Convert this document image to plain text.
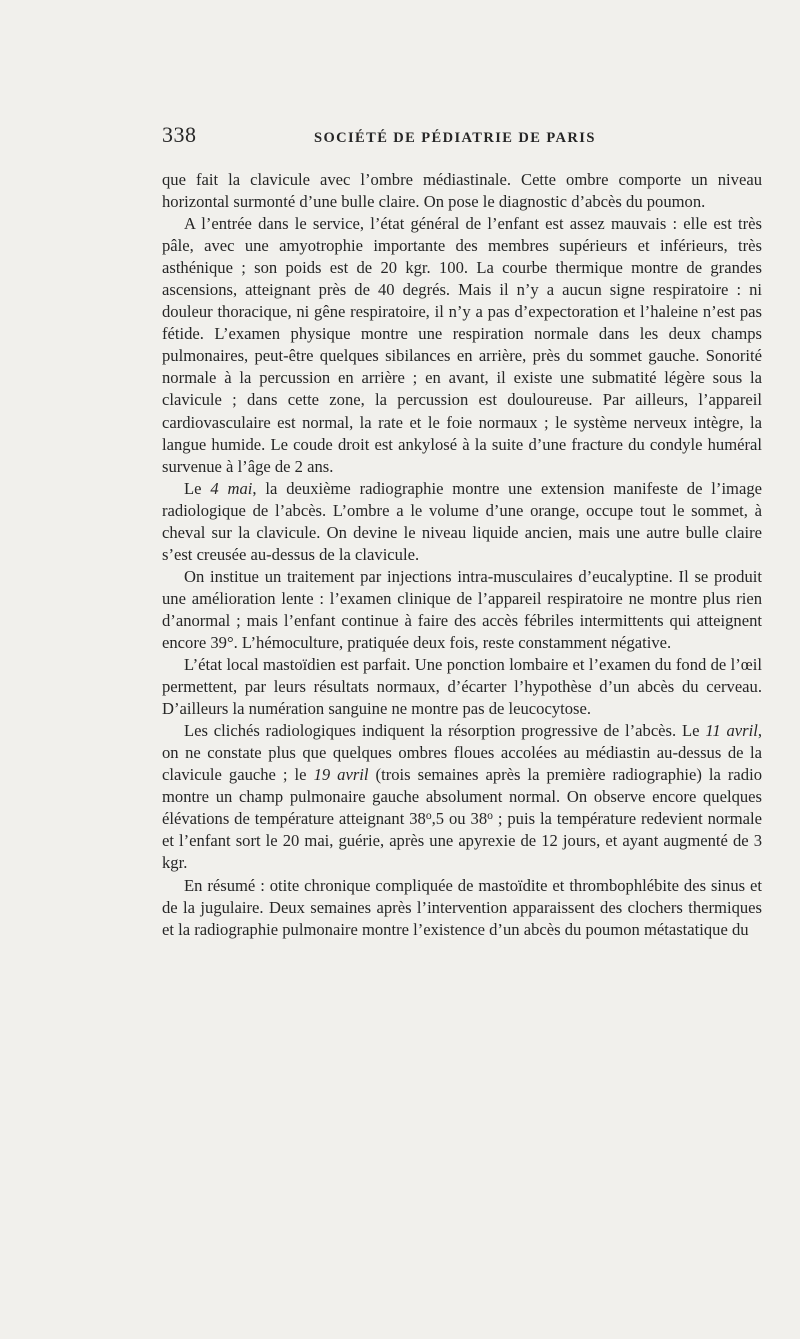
338	SOCIÉTÉ DE PÉDIATRIE DE PARIS

que fait la clavicule avec l’ombre médiastinale. Cette ombre comporte un niveau horizontal surmonté d’une bulle claire. On pose le diagnostic d’abcès du poumon.

A l’entrée dans le service, l’état général de l’enfant est assez mauvais : elle est très pâle, avec une amyotrophie importante des membres supérieurs et inférieurs, très asthénique ; son poids est de 20 kgr. 100. La courbe thermique montre de grandes ascensions, atteignant près de 40 degrés. Mais il n’y a aucun signe respiratoire : ni douleur thoracique, ni gêne respiratoire, il n’y a pas d’expectoration et l’haleine n’est pas fétide. L’examen physique montre une respiration normale dans les deux champs pulmonaires, peut-être quelques sibilances en arrière, près du sommet gauche. Sonorité normale à la percussion en arrière ; en avant, il existe une submatité légère sous la clavicule ; dans cette zone, la percussion est douloureuse. Par ailleurs, l’appareil cardiovasculaire est normal, la rate et le foie normaux ; le système nerveux intègre, la langue humide. Le coude droit est ankylosé à la suite d’une fracture du condyle huméral survenue à l’âge de 2 ans.

Le 4 mai, la deuxième radiographie montre une extension manifeste de l’image radiologique de l’abcès. L’ombre a le volume d’une orange, occupe tout le sommet, à cheval sur la clavicule. On devine le niveau liquide ancien, mais une autre bulle claire s’est creusée au-dessus de la clavicule.

On institue un traitement par injections intra-musculaires d’eucalyptine. Il se produit une amélioration lente : l’examen clinique de l’appareil respiratoire ne montre plus rien d’anormal ; mais l’enfant continue à faire des accès fébriles intermittents qui atteignent encore 39°. L’hémoculture, pratiquée deux fois, reste constamment négative.

L’état local mastoïdien est parfait. Une ponction lombaire et l’examen du fond de l’œil permettent, par leurs résultats normaux, d’écarter l’hypothèse d’un abcès du cerveau. D’ailleurs la numération sanguine ne montre pas de leucocytose.

Les clichés radiologiques indiquent la résorption progressive de l’abcès. Le 11 avril, on ne constate plus que quelques ombres floues accolées au médiastin au-dessus de la clavicule gauche ; le 19 avril (trois semaines après la première radiographie) la radio montre un champ pulmonaire gauche absolument normal. On observe encore quelques élévations de température atteignant 38$^o$,5 ou 38$^o$ ; puis la température redevient normale et l’enfant sort le 20 mai, guérie, après une apyrexie de 12 jours, et ayant augmenté de 3 kgr.

En résumé : otite chronique compliquée de mastoïdite et thrombophlébite des sinus et de la jugulaire. Deux semaines après l’intervention apparaissent des clochers thermiques et la radiographie pulmonaire montre l’existence d’un abcès du poumon métastatique du
